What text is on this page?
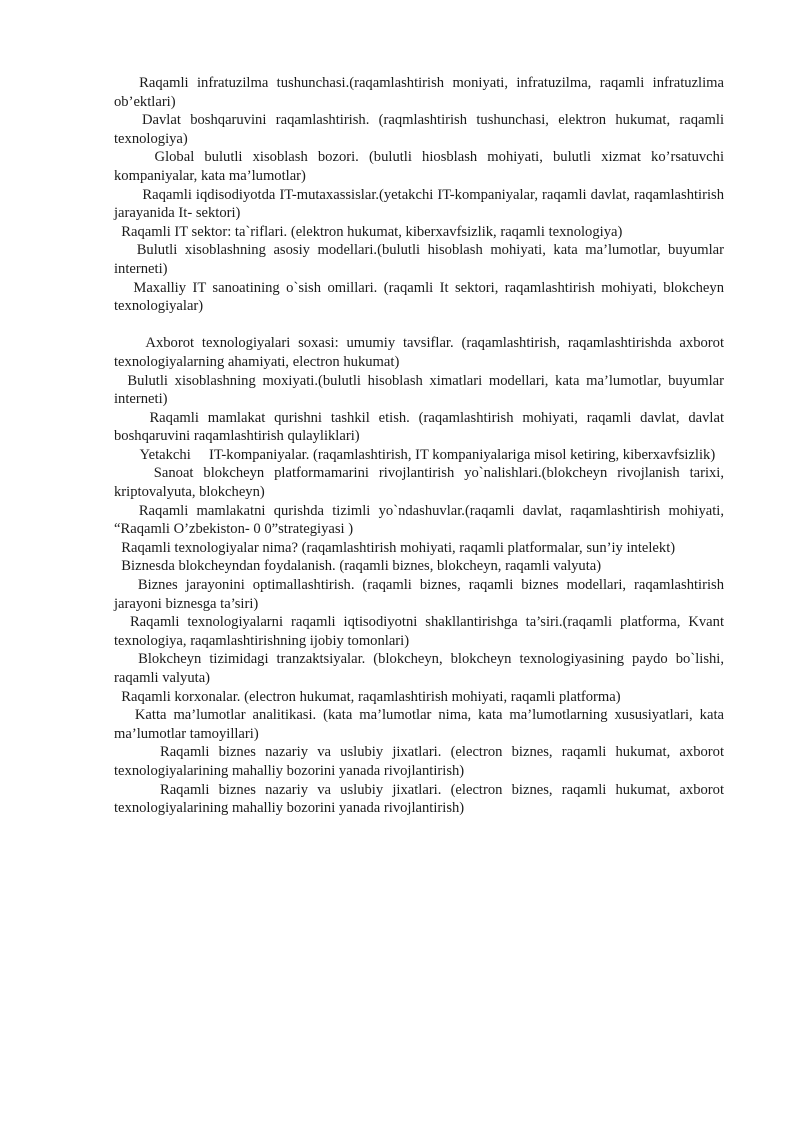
Raqamli infratuzilma tushunchasi.(raqamlashtirish moniyati, infratuzilma, raqamli infratuzlima ob’ektlari)

Davlat boshqaruvini raqamlashtirish. (raqmlashtirish tushunchasi, elektron hukumat, raqamli texnologiya)

Global bulutli xisoblash bozori. (bulutli hiosblash mohiyati, bulutli xizmat ko’rsatuvchi kompaniyalar, kata ma’lumotlar)

Raqamli iqdisodiyotda IT-mutaxassislar.(yetakchi IT-kompaniyalar, raqamli davlat, raqamlashtirish jarayanida It- sektori)

Raqamli IT sektor: ta`riflari. (elektron hukumat, kiberxavfsizlik, raqamli texnologiya)

Bulutli xisoblashning asosiy modellari.(bulutli hisoblash mohiyati, kata ma’lumotlar, buyumlar interneti)

Maxalliy IT sanoatining o`sish omillari. (raqamli It sektori, raqamlashtirish mohiyati, blokcheyn texnologiyalar)

Axborot texnologiyalari soxasi: umumiy tavsiflar. (raqamlashtirish, raqamlashtirishda axborot texnologiyalarning ahamiyati, electron hukumat)

Bulutli xisoblashning moxiyati.(bulutli hisoblash ximatlari modellari, kata ma’lumotlar, buyumlar interneti)

Raqamli mamlakat qurishni tashkil etish. (raqamlashtirish mohiyati, raqamli davlat, davlat boshqaruvini raqamlashtirish qulayliklari)

Yetakchi     IT-kompaniyalar. (raqamlashtirish, IT kompaniyalariga misol ketiring, kiberxavfsizlik)

Sanoat blokcheyn platformamarini rivojlantirish yo`nalishlari.(blokcheyn rivojlanish tarixi, kriptovalyuta, blokcheyn)

Raqamli mamlakatni qurishda tizimli yo`ndashuvlar.(raqamli davlat, raqamlashtirish mohiyati, “Raqamli O’zbekiston- 0 0”strategiyasi )

Raqamli texnologiyalar nima? (raqamlashtirish mohiyati, raqamli platformalar, sun’iy intelekt)

Biznesda blokcheyndan foydalanish. (raqamli biznes, blokcheyn, raqamli valyuta)

Biznes jarayonini optimallashtirish. (raqamli biznes, raqamli biznes modellari, raqamlashtirish jarayoni biznesga ta’siri)

Raqamli texnologiyalarni raqamli iqtisodiyotni shakllantirishga ta’siri.(raqamli platforma, Kvant texnologiya, raqamlashtirishning ijobiy tomonlari)

Blokcheyn tizimidagi tranzaktsiyalar. (blokcheyn, blokcheyn texnologiyasining paydo bo`lishi, raqamli valyuta)

Raqamli korxonalar. (electron hukumat, raqamlashtirish mohiyati, raqamli platforma)

Katta ma’lumotlar analitikasi. (kata ma’lumotlar nima, kata ma’lumotlarning xususiyatlari, kata ma’lumotlar tamoyillari)

Raqamli biznes nazariy va uslubiy jixatlari. (electron biznes, raqamli hukumat, axborot texnologiyalarining mahalliy bozorini yanada rivojlantirish)

Raqamli biznes nazariy va uslubiy jixatlari. (electron biznes, raqamli hukumat, axborot texnologiyalarining mahalliy bozorini yanada rivojlantirish)
